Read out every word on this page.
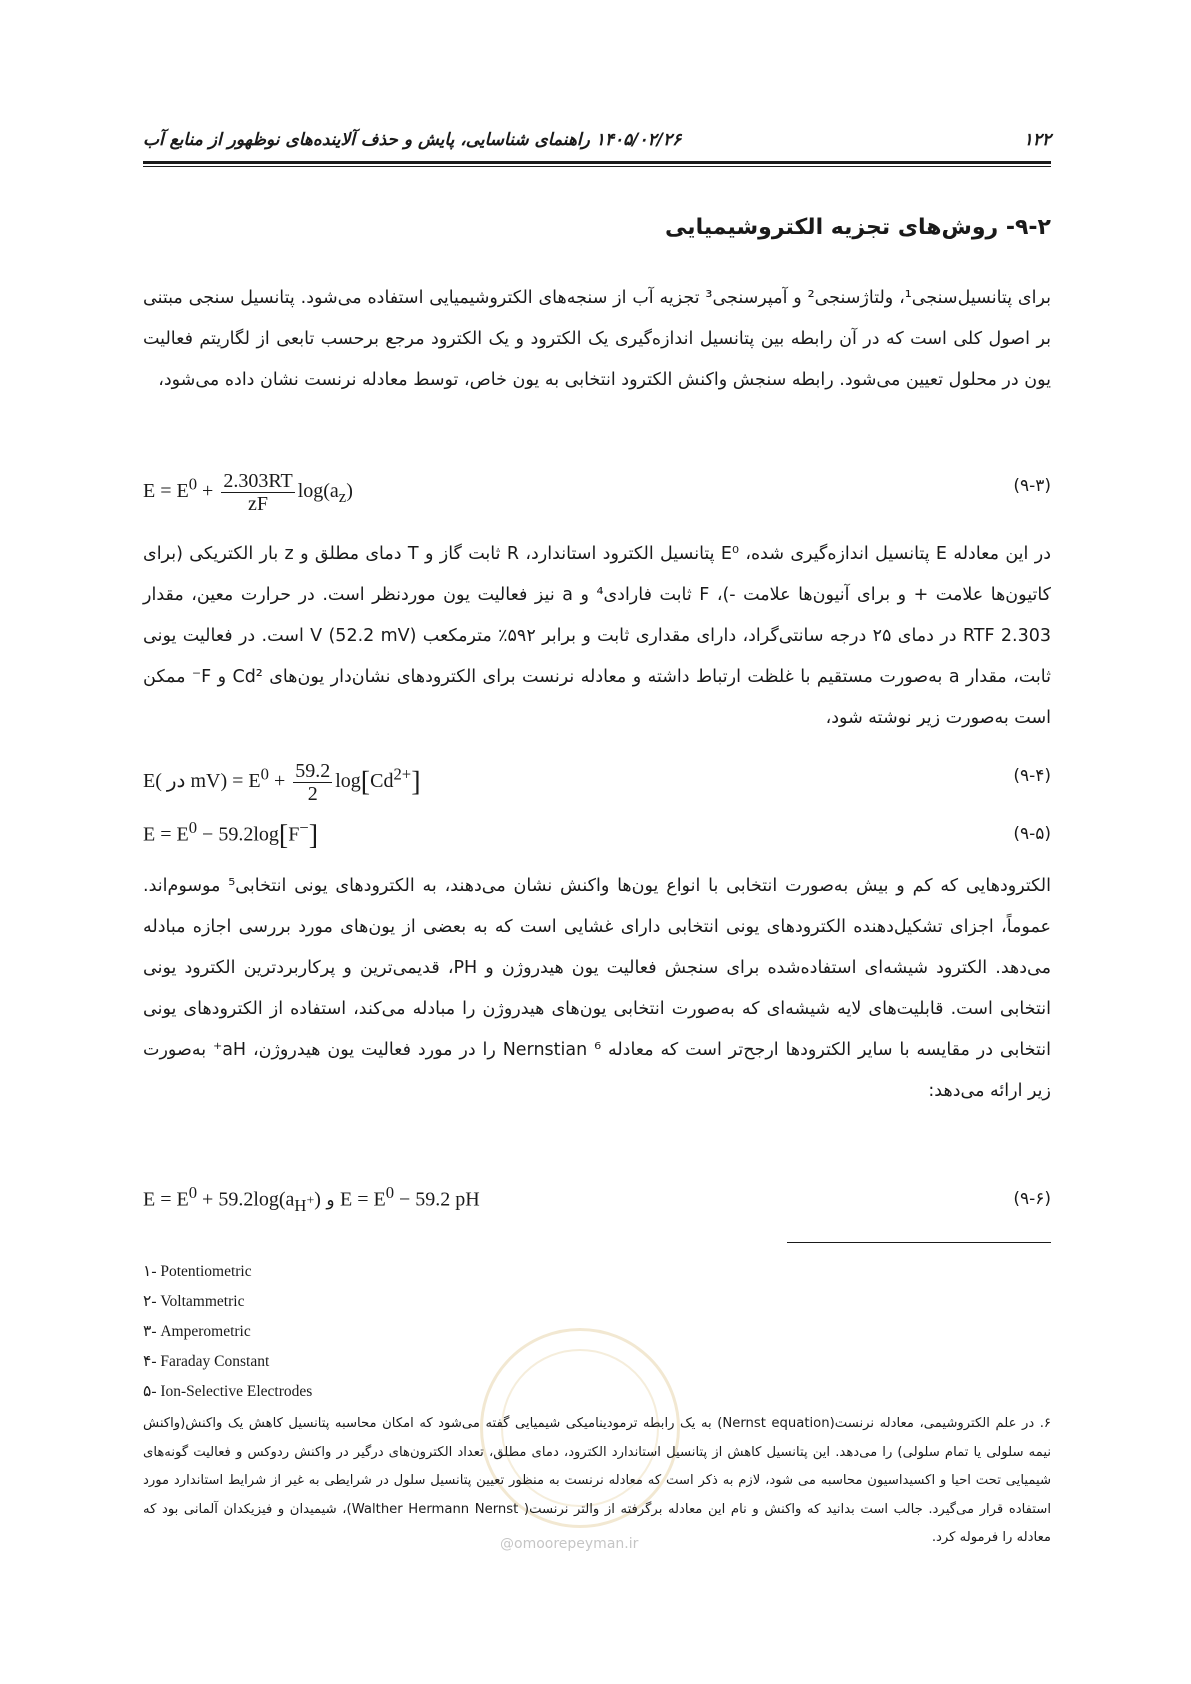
۱۲۲
۱۴۰۵/۰۲/۲۶ راهنمای شناسایی، پایش و حذف آلاینده‌های نوظهور از منابع آب
۹-۲- روش‌های تجزیه الکتروشیمیایی
برای پتانسیل‌سنجی¹، ولتاژسنجی² و آمپرسنجی³ تجزیه آب از سنجه‌های الکتروشیمیایی استفاده می‌شود. پتانسیل سنجی مبتنی بر اصول کلی است که در آن رابطه بین پتانسیل اندازه‌گیری یک الکترود و یک الکترود مرجع برحسب تابعی از لگاریتم فعالیت یون در محلول تعیین می‌شود. رابطه سنجش واکنش الکترود انتخابی به یون خاص، توسط معادله نرنست نشان داده می‌شود،
$E = E^0 + \frac{2.303RT}{zF} \log(a_z)$	(۹-۳)
در این معادله E پتانسیل اندازه‌گیری شده، E⁰ پتانسیل الکترود استاندارد، R ثابت گاز و T دمای مطلق و z بار الکتریکی (برای کاتیون‌ها علامت + و برای آنیون‌ها علامت -)، F ثابت فارادی⁴ و a نیز فعالیت یون موردنظر است. در حرارت معین، مقدار 2.303 RTF در دمای ۲۵ درجه سانتی‌گراد، دارای مقداری ثابت و برابر ۵۹۲٪ مترمکعب V (52.2 mV) است. در فعالیت یونی ثابت، مقدار a به‌صورت مستقیم با غلظت ارتباط داشته و معادله نرنست برای الکترودهای نشان‌دار یون‌های Cd² و F⁻ ممکن است به‌صورت زیر نوشته شود،
E( در $mV) = E^0 + \frac{59.2}{2} \log[Cd^{2+}]$	(۹-۴)
$E = E^0 - 59.2\log[F^-]$	(۹-۵)
الکترودهایی که کم و بیش به‌صورت انتخابی با انواع یون‌ها واکنش نشان می‌دهند، به الکترودهای یونی انتخابی⁵ موسوم‌اند. عموماً، اجزای تشکیل‌دهنده الکترودهای یونی انتخابی دارای غشایی است که به بعضی از یون‌های مورد بررسی اجازه مبادله می‌دهد. الکترود شیشه‌ای استفاده‌شده برای سنجش فعالیت یون هیدروژن و PH، قدیمی‌ترین و پرکاربردترین الکترود یونی انتخابی است. قابلیت‌های لایه شیشه‌ای که به‌صورت انتخابی یون‌های هیدروژن را مبادله می‌کند، استفاده از الکترودهای یونی انتخابی در مقایسه با سایر الکترودها ارجح‌تر است که معادله Nernstian ⁶ را در مورد فعالیت یون هیدروژن، aH⁺ به‌صورت زیر ارائه می‌دهد:
$E = E^0 + 59.2\log(a_{H^+})$ و $E = E^0 - 59.2$ pH	(۹-۶)
۱- Potentiometric
۲- Voltammetric
۳- Amperometric
۴- Faraday Constant
۵- Ion-Selective Electrodes
۶. در علم الکتروشیمی، معادله نرنست(Nernst equation) به یک رابطه ترمودینامیکی شیمیایی گفته می‌شود که امکان محاسبه پتانسیل کاهش یک واکنش(واکنش نیمه سلولی یا تمام سلولی) را می‌دهد. این پتانسیل کاهش از پتانسیل استاندارد الکترود، دمای مطلق، تعداد الکترون‌های درگیر در واکنش ردوکس و فعالیت گونه‌های شیمیایی تحت احیا و اکسیداسیون محاسبه می شود، لازم به ذکر است که معادله نرنست به منظور تعیین پتانسیل سلول در شرایطی به غیر از شرایط استاندارد مورد استفاده قرار می‌گیرد. جالب است بدانید که واکنش و نام این معادله برگرفته از والتر نرنست( Walther Hermann Nernst)، شیمیدان و فیزیکدان آلمانی بود که معادله را فرموله کرد.
@omoorepeyman.ir
